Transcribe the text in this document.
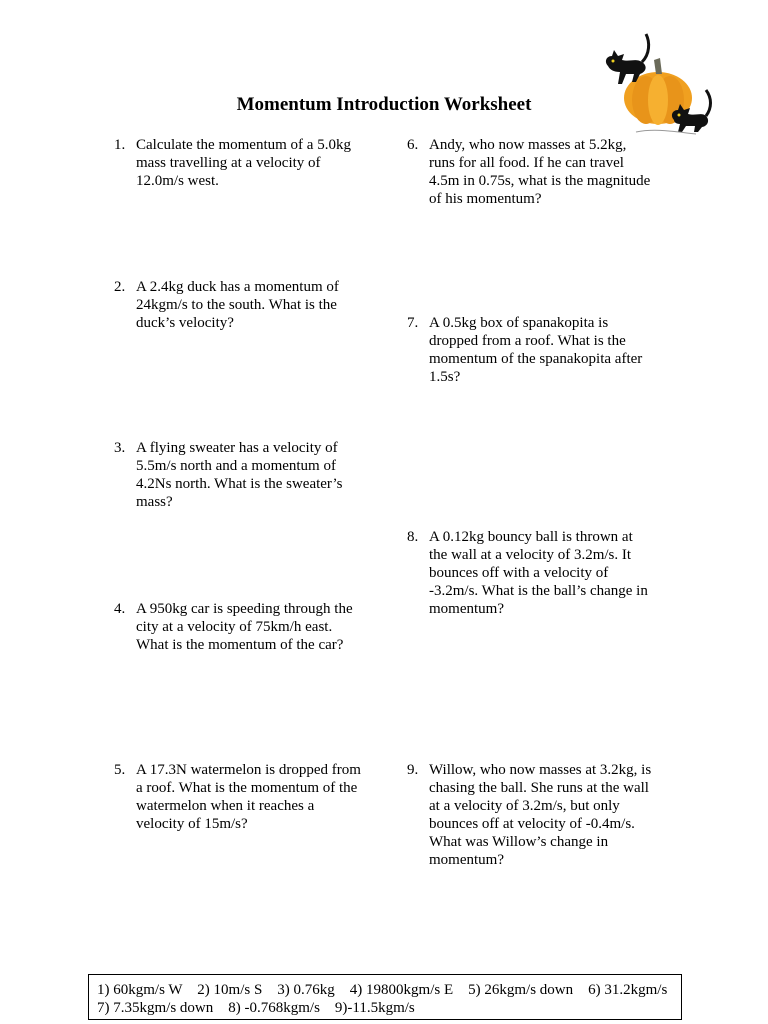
Momentum Introduction Worksheet
1. Calculate the momentum of a 5.0kg mass travelling at a velocity of 12.0m/s west.
2. A 2.4kg duck has a momentum of 24kgm/s to the south. What is the duck’s velocity?
3. A flying sweater has a velocity of 5.5m/s north and a momentum of 4.2Ns north. What is the sweater’s mass?
4. A 950kg car is speeding through the city at a velocity of 75km/h east. What is the momentum of the car?
5. A 17.3N watermelon is dropped from a roof. What is the momentum of the watermelon when it reaches a velocity of 15m/s?
6. Andy, who now masses at 5.2kg, runs for all food. If he can travel 4.5m in 0.75s, what is the magnitude of his momentum?
7. A 0.5kg box of spanakopita is dropped from a roof. What is the momentum of the spanakopita after 1.5s?
8. A 0.12kg bouncy ball is thrown at the wall at a velocity of 3.2m/s. It bounces off with a velocity of -3.2m/s. What is the ball’s change in momentum?
9. Willow, who now masses at 3.2kg, is chasing the ball. She runs at the wall at a velocity of 3.2m/s, but only bounces off at velocity of -0.4m/s. What was Willow’s change in momentum?
1) 60kgm/s W    2) 10m/s S    3) 0.76kg    4) 19800kgm/s E    5) 26kgm/s down    6) 31.2kgm/s
7) 7.35kgm/s down    8) -0.768kgm/s    9)-11.5kgm/s
